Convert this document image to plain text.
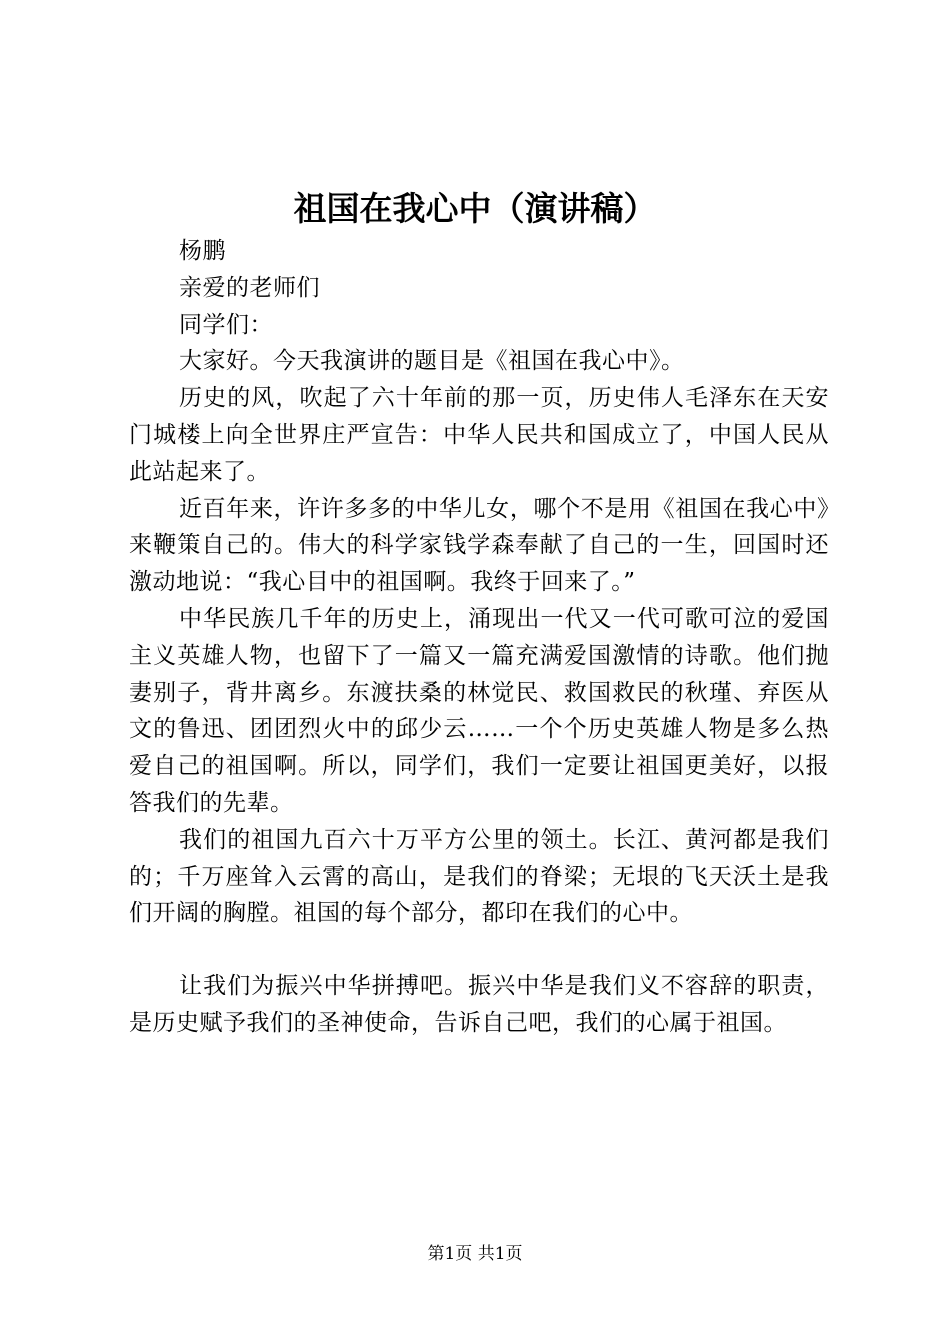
祖国在我心中（演讲稿）

杨鹏

亲爱的老师们

同学们：

大家好。今天我演讲的题目是《祖国在我心中》。

历史的风，吹起了六十年前的那一页，历史伟人毛泽东在天安门城楼上向全世界庄严宣告：中华人民共和国成立了，中国人民从此站起来了。

近百年来，许许多多的中华儿女，哪个不是用《祖国在我心中》来鞭策自己的。伟大的科学家钱学森奉献了自己的一生，回国时还激动地说：“我心目中的祖国啊。我终于回来了。”

中华民族几千年的历史上，涌现出一代又一代可歌可泣的爱国主义英雄人物，也留下了一篇又一篇充满爱国激情的诗歌。他们抛妻别子，背井离乡。东渡扶桑的林觉民、救国救民的秋瑾、弃医从文的鲁迅、团团烈火中的邱少云……一个个历史英雄人物是多么热爱自己的祖国啊。所以，同学们，我们一定要让祖国更美好，以报答我们的先辈。

我们的祖国九百六十万平方公里的领土。长江、黄河都是我们的；千万座耸入云霄的高山，是我们的脊梁；无垠的飞天沃土是我们开阔的胸膛。祖国的每个部分，都印在我们的心中。

让我们为振兴中华拼搏吧。振兴中华是我们义不容辞的职责，是历史赋予我们的圣神使命，告诉自己吧，我们的心属于祖国。

第1页 共1页
